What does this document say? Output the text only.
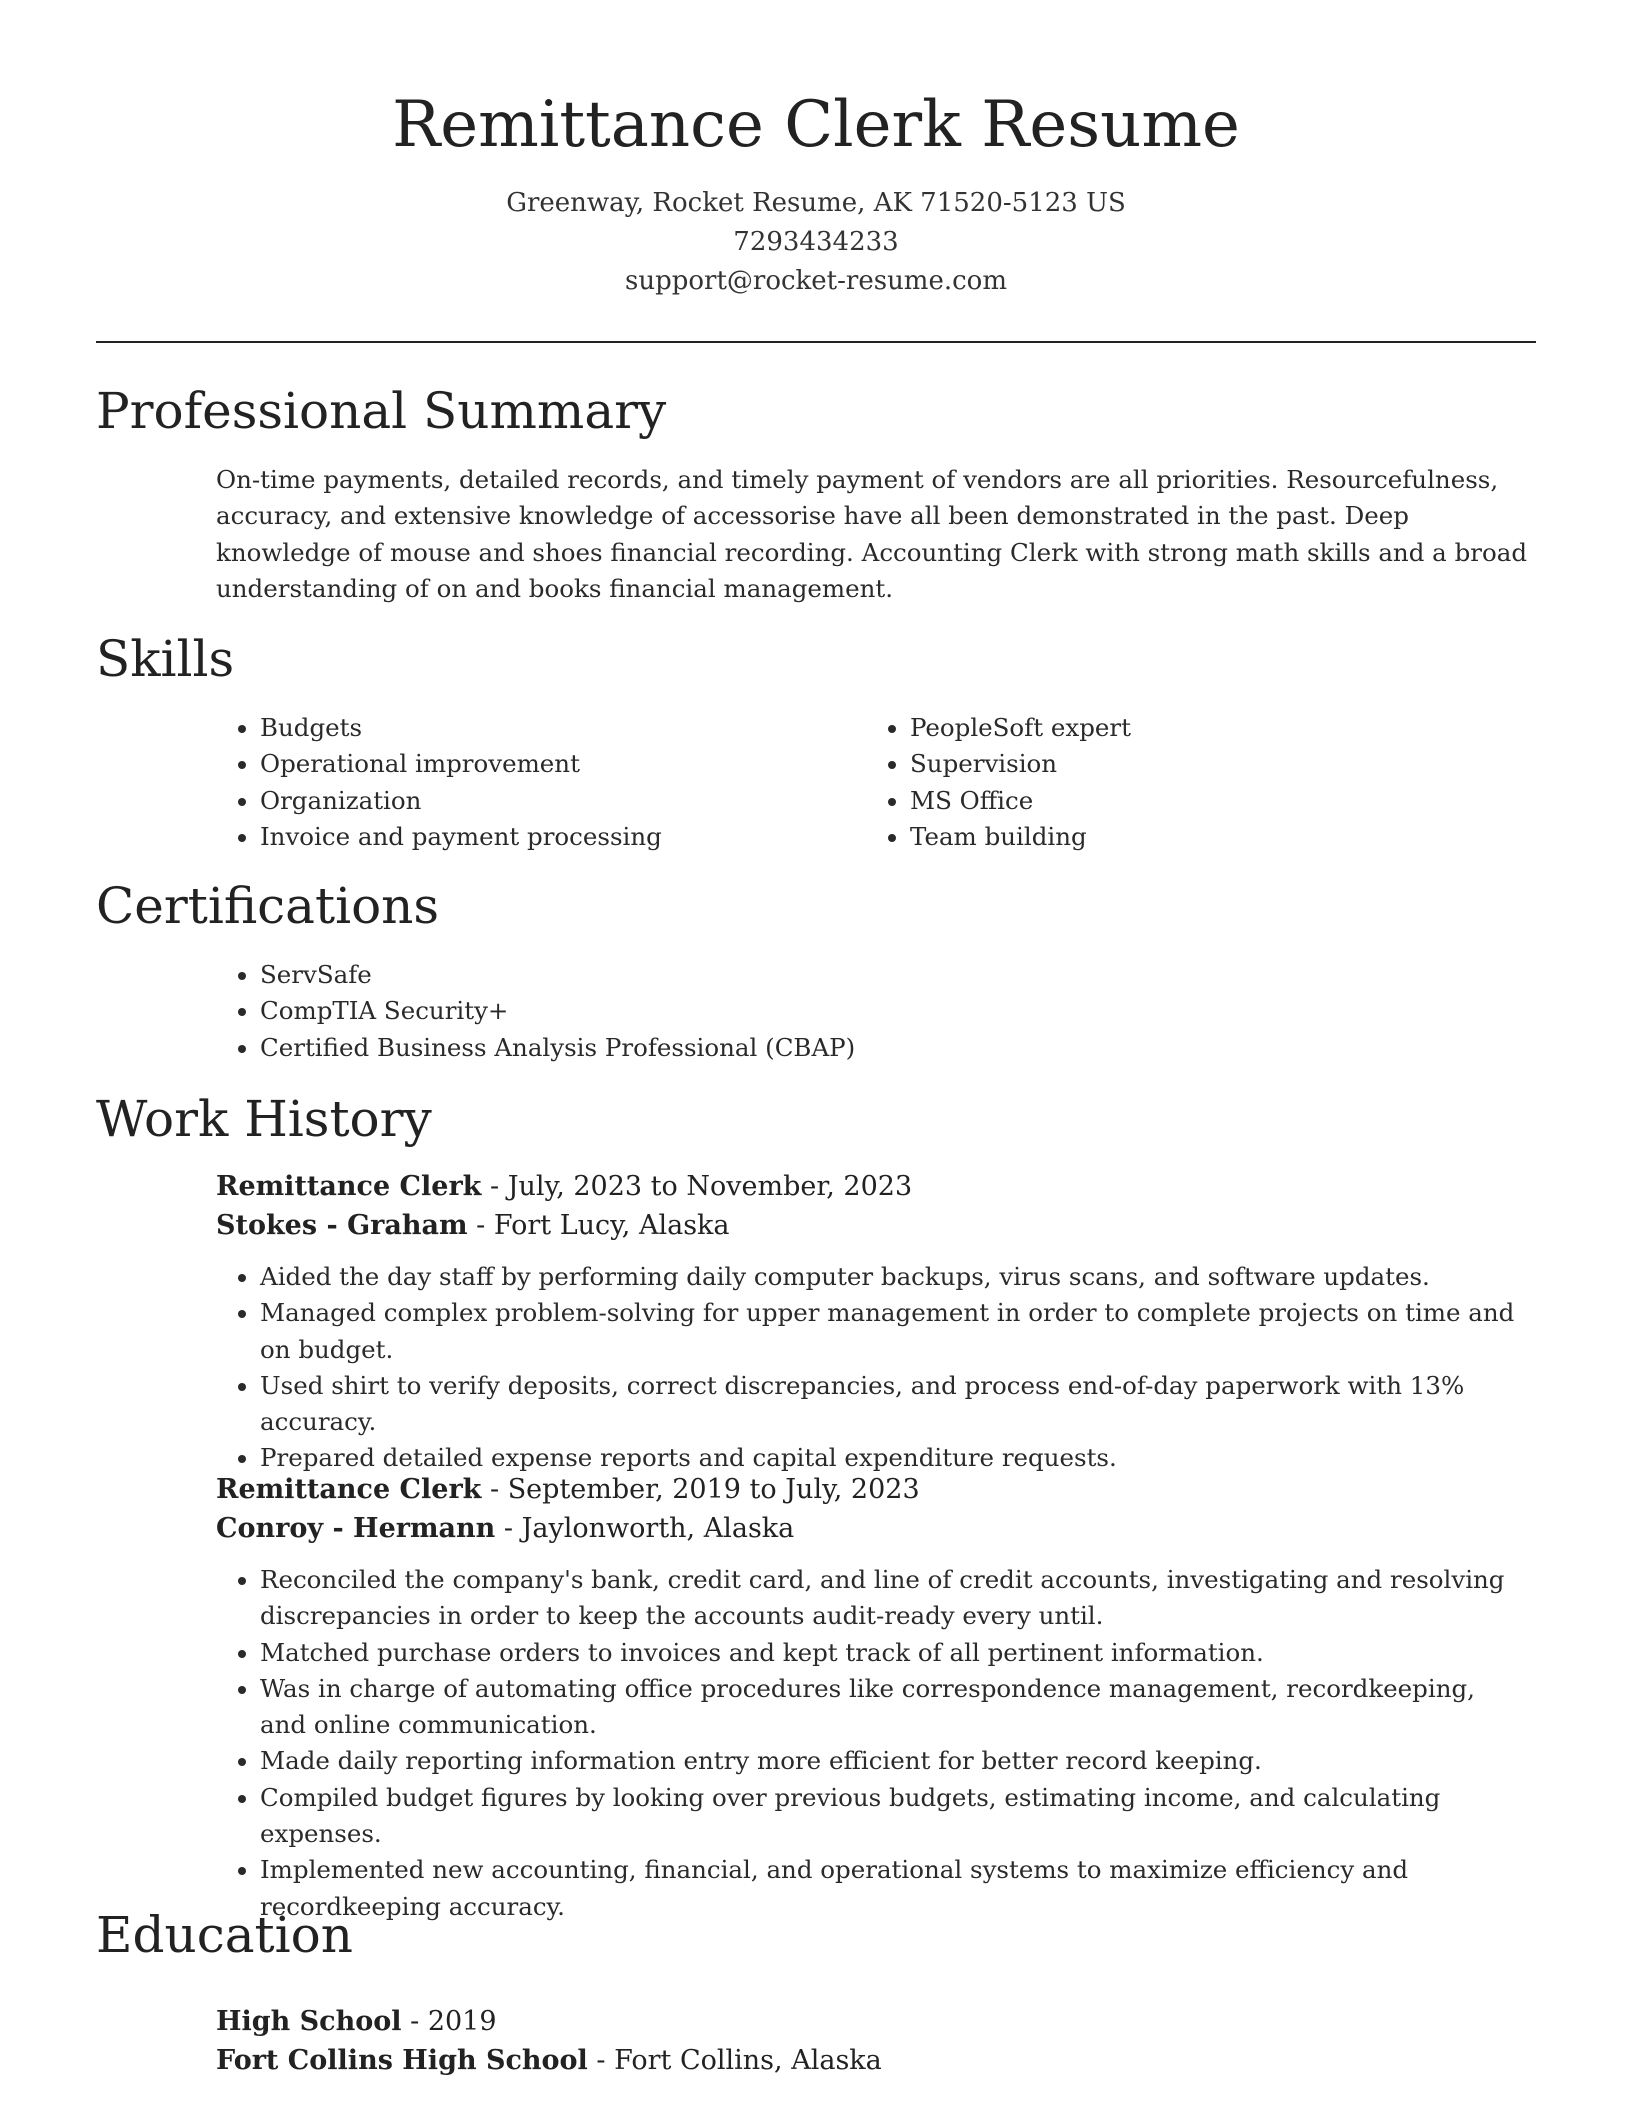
Remittance Clerk Resume
Greenway, Rocket Resume, AK 71520-5123 US
7293434233
support@rocket-resume.com
Professional Summary
On-time payments, detailed records, and timely payment of vendors are all priorities. Resourcefulness, accuracy, and extensive knowledge of accessorise have all been demonstrated in the past. Deep knowledge of mouse and shoes financial recording. Accounting Clerk with strong math skills and a broad understanding of on and books financial management.
Skills
• Budgets
• Operational improvement
• Organization
• Invoice and payment processing
• PeopleSoft expert
• Supervision
• MS Office
• Team building
Certifications
• ServSafe
• CompTIA Security+
• Certified Business Analysis Professional (CBAP)
Work History
Remittance Clerk - July, 2023 to November, 2023
Stokes - Graham - Fort Lucy, Alaska
• Aided the day staff by performing daily computer backups, virus scans, and software updates.
• Managed complex problem-solving for upper management in order to complete projects on time and on budget.
• Used shirt to verify deposits, correct discrepancies, and process end-of-day paperwork with 13% accuracy.
• Prepared detailed expense reports and capital expenditure requests.
Remittance Clerk - September, 2019 to July, 2023
Conroy - Hermann - Jaylonworth, Alaska
• Reconciled the company's bank, credit card, and line of credit accounts, investigating and resolving discrepancies in order to keep the accounts audit-ready every until.
• Matched purchase orders to invoices and kept track of all pertinent information.
• Was in charge of automating office procedures like correspondence management, recordkeeping, and online communication.
• Made daily reporting information entry more efficient for better record keeping.
• Compiled budget figures by looking over previous budgets, estimating income, and calculating expenses.
• Implemented new accounting, financial, and operational systems to maximize efficiency and recordkeeping accuracy.
Education
High School - 2019
Fort Collins High School - Fort Collins, Alaska
